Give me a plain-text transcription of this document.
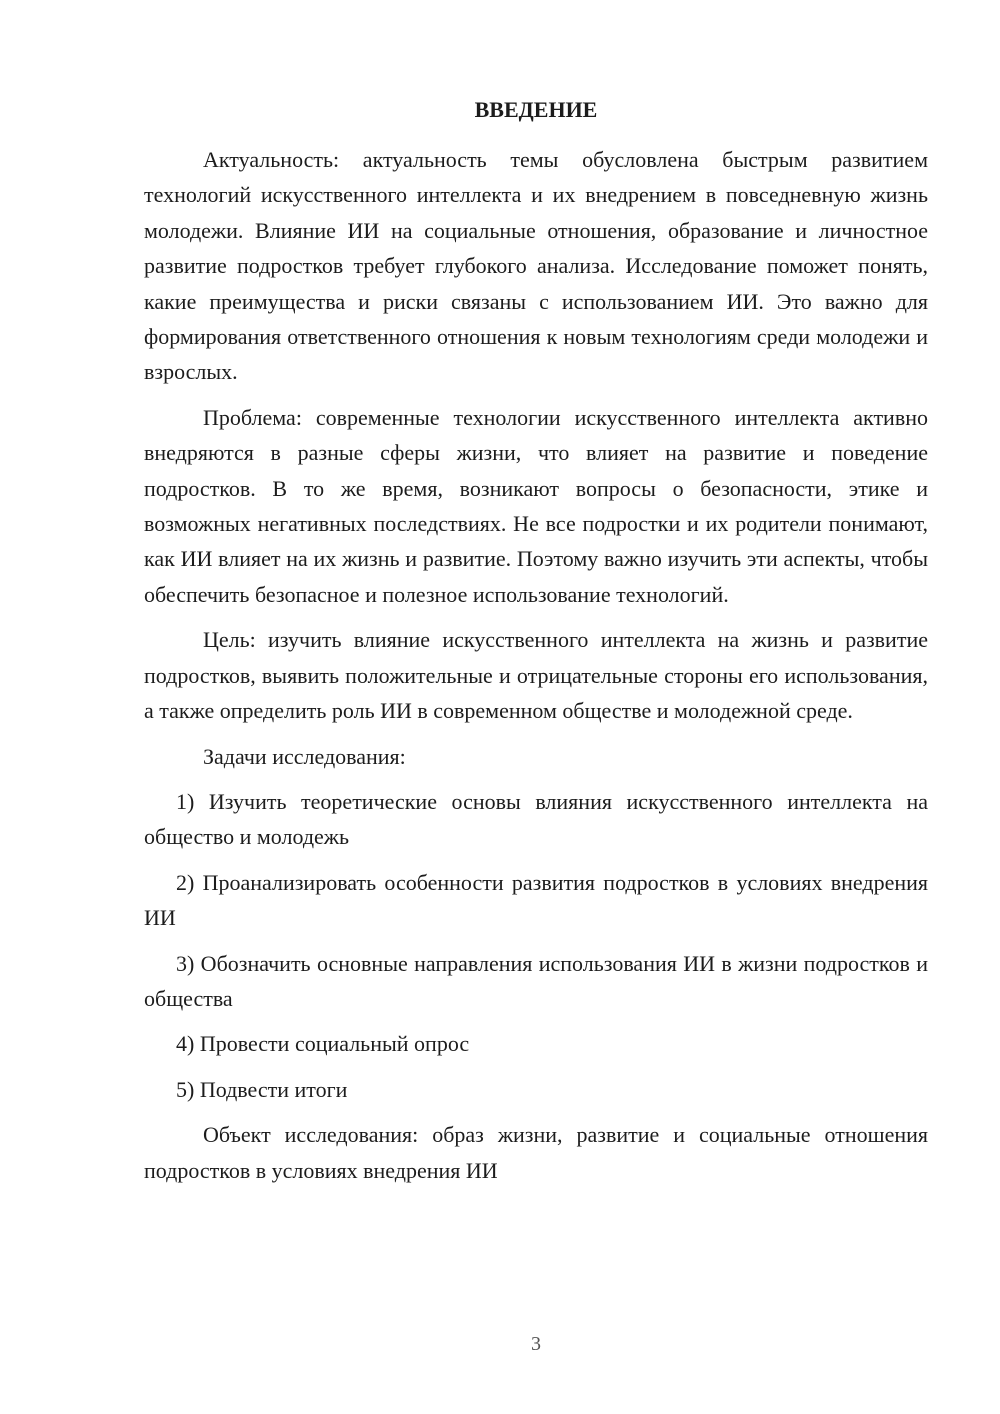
ВВЕДЕНИЕ

Актуальность: актуальность темы обусловлена быстрым развитием технологий искусственного интеллекта и их внедрением в повседневную жизнь молодежи. Влияние ИИ на социальные отношения, образование и личностное развитие подростков требует глубокого анализа. Исследование поможет понять, какие преимущества и риски связаны с использованием ИИ. Это важно для формирования ответственного отношения к новым технологиям среди молодежи и взрослых.

Проблема: современные технологии искусственного интеллекта активно внедряются в разные сферы жизни, что влияет на развитие и поведение подростков. В то же время, возникают вопросы о безопасности, этике и возможных негативных последствиях. Не все подростки и их родители понимают, как ИИ влияет на их жизнь и развитие. Поэтому важно изучить эти аспекты, чтобы обеспечить безопасное и полезное использование технологий.

Цель: изучить влияние искусственного интеллекта на жизнь и развитие подростков, выявить положительные и отрицательные стороны его использования, а также определить роль ИИ в современном обществе и молодежной среде.

Задачи исследования:

1) Изучить теоретические основы влияния искусственного интеллекта на общество и молодежь

2) Проанализировать особенности развития подростков в условиях внедрения ИИ

3) Обозначить основные направления использования ИИ в жизни подростков и общества

4) Провести социальный опрос

5) Подвести итоги

Объект исследования: образ жизни, развитие и социальные отношения подростков в условиях внедрения ИИ

3
